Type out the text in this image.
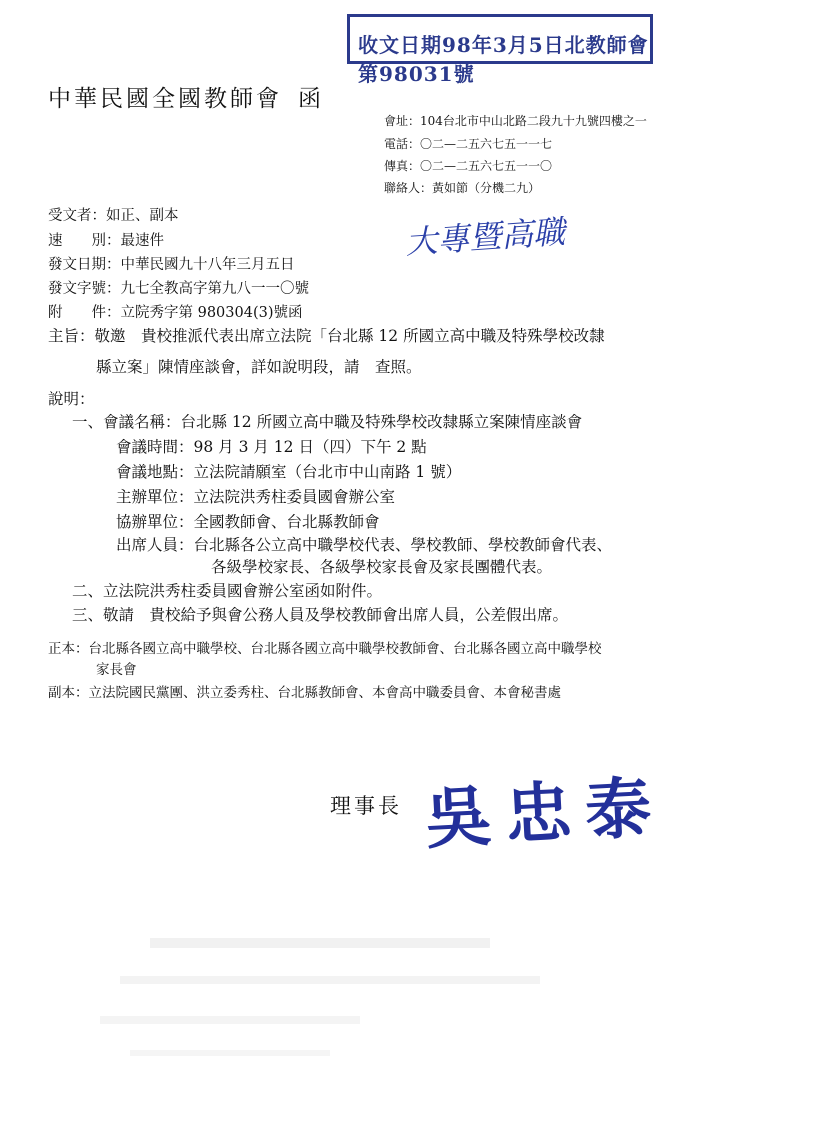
收文日期98年3月5日北教師會第98031號
中華民國全國教師會 函
會址：104台北市中山北路二段九十九號四樓之一
電話：〇二—二五六七五一一七
傳真：〇二—二五六七五一一〇
聯絡人：黃如節（分機二九）
受文者：如正、副本
速　　別：最速件
發文日期：中華民國九十八年三月五日
發文字號：九七全教高字第九八一一〇號
附　　件：立院秀字第 980304(3)號函
大專暨高職
主旨：敬邀　貴校推派代表出席立法院「台北縣 12 所國立高中職及特殊學校改隸
縣立案」陳情座談會，詳如說明段，請　查照。
說明：
一、會議名稱：台北縣 12 所國立高中職及特殊學校改隸縣立案陳情座談會
會議時間：98 月 3 月 12 日（四）下午 2 點
會議地點：立法院請願室（台北市中山南路 1 號）
主辦單位：立法院洪秀柱委員國會辦公室
協辦單位：全國教師會、台北縣教師會
出席人員：台北縣各公立高中職學校代表、學校教師、學校教師會代表、
各級學校家長、各級學校家長會及家長團體代表。
二、立法院洪秀柱委員國會辦公室函如附件。
三、敬請　貴校給予與會公務人員及學校教師會出席人員，公差假出席。
正本：台北縣各國立高中職學校、台北縣各國立高中職學校教師會、台北縣各國立高中職學校
家長會
副本：立法院國民黨團、洪立委秀柱、台北縣教師會、本會高中職委員會、本會秘書處
理事長 吳忠泰
